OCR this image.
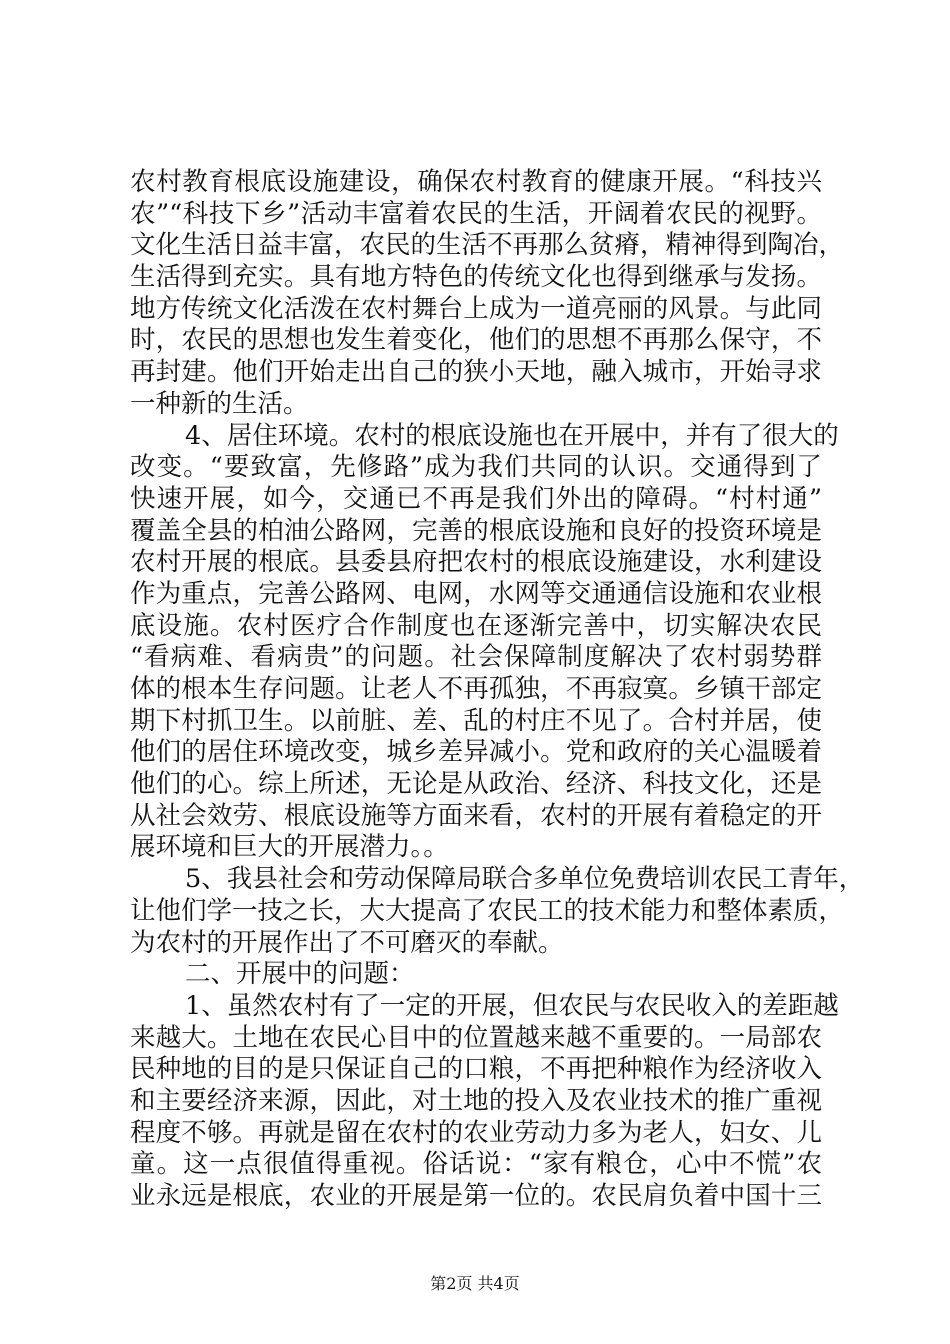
农村教育根底设施建设，确保农村教育的健康开展。“科技兴
农”“科技下乡”活动丰富着农民的生活，开阔着农民的视野。
文化生活日益丰富，农民的生活不再那么贫瘠，精神得到陶冶，
生活得到充实。具有地方特色的传统文化也得到继承与发扬。
地方传统文化活泼在农村舞台上成为一道亮丽的风景。与此同
时，农民的思想也发生着变化，他们的思想不再那么保守，不
再封建。他们开始走出自己的狭小天地，融入城市，开始寻求
一种新的生活。
4、居住环境。农村的根底设施也在开展中，并有了很大的
改变。“要致富，先修路”成为我们共同的认识。交通得到了
快速开展，如今，交通已不再是我们外出的障碍。“村村通”
覆盖全县的柏油公路网，完善的根底设施和良好的投资环境是
农村开展的根底。县委县府把农村的根底设施建设，水利建设
作为重点，完善公路网、电网，水网等交通通信设施和农业根
底设施。农村医疗合作制度也在逐渐完善中，切实解决农民
“看病难、看病贵”的问题。社会保障制度解决了农村弱势群
体的根本生存问题。让老人不再孤独，不再寂寞。乡镇干部定
期下村抓卫生。以前脏、差、乱的村庄不见了。合村并居，使
他们的居住环境改变，城乡差异减小。党和政府的关心温暖着
他们的心。综上所述，无论是从政治、经济、科技文化，还是
从社会效劳、根底设施等方面来看，农村的开展有着稳定的开
展环境和巨大的开展潜力。。
5、我县社会和劳动保障局联合多单位免费培训农民工青年，
让他们学一技之长，大大提高了农民工的技术能力和整体素质，
为农村的开展作出了不可磨灭的奉献。
二、开展中的问题：
1、虽然农村有了一定的开展，但农民与农民收入的差距越
来越大。土地在农民心目中的位置越来越不重要的。一局部农
民种地的目的是只保证自己的口粮，不再把种粮作为经济收入
和主要经济来源，因此，对土地的投入及农业技术的推广重视
程度不够。再就是留在农村的农业劳动力多为老人，妇女、儿
童。这一点很值得重视。俗话说：“家有粮仓，心中不慌”农
业永远是根底，农业的开展是第一位的。农民肩负着中国十三
第2页 共4页
